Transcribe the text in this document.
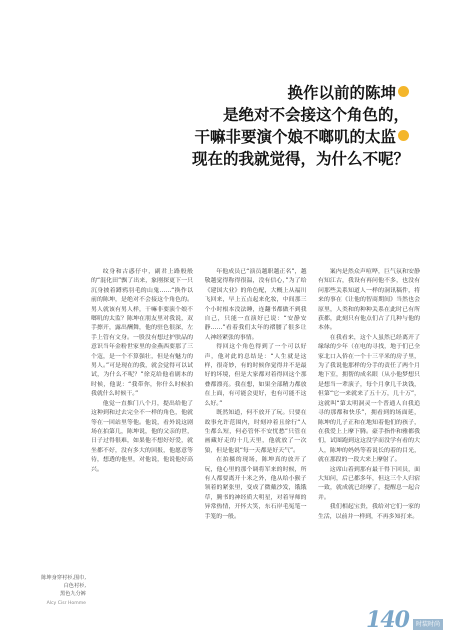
换作以前的陈坤
是绝对不会接这个角色的，
干嘛非要演个娘不啷叽的太监
现在的我就觉得，为什么不呢？

纹身和古惑仔中，副君上路般般的“混化田”飘了出来，象刚探更下一只沉身披着蹲鸦羽毛的山鬼……“换作以前的陈坤，是绝对不会接这个角色的。男人就该有男人样，干嘛非要演个娘不啷叽的太监？陈坤在朋友里对我说，双手擦开，露出酬舞，他的驻色很深，左手上管有文身。一股没有想过护肤品的意识当年金粉世家里的金燕西要那了三个寇，是一个不算强壮，但是有魅力的男人。”可是现在的我，就会觉得可以试试，为什么不呢？”徐克给他看剧本的时候，他说：“我带你，你什么时候拍我就什么时候干。”

他觉一直推门八个月，提出给他了这种到和过去完全不一样的角色，他就等在一回站里等他。他说，看外说这剧场在拍第几，陈坤说，他的父亲的世，日子过得很难，如果他不想好好爱，就坐都不好，没有多大的回报，他愿意等待，想透的他里，对他说，他说他好高兴。

年他成员已“演员越职越正名”，越敬越觉得称得很温，没有信心，”为了给《建国大业》的角色配，大概上从福川飞回来，早上五点起来化妆，中间那三个小时根本没法睡，连翻书都做不到我自己，只能一直演好已说：“安静安静……”看着我们太年的褶腰了很多让人神经紧张的事情。

得回这个角色得到了一个可以好声，他对此的总结是：“人生就是这样，很奇妙，有的时候你觉得并不是最好的坏境，但是大家都对着得回这个那叠都漂亮。我在想，如果全部精力都放在上面，有可能会更好，也有可能不这么好。”

既然知道，何不放开了玩。只要在故事允许范围内，时刻冲着且徐行“人生都么短，何必管怀不安忧愁”只管在画藏好走的十几天里，他就放了一次狼，但是他说“每一天都是好天气”。

在拍摄的现场，陈坤真的放开了玩，他心里的那个调将军来的时候，所有人都要离开十米之外，他从给小猴子领着的紧张里，变成了微戴沙发，饿饿草，腾书的神经质大明星，对着导师的异常热情，开怀大笑，东石岸毛冤笔一手笼的一般。

案内是然众声喧哗，巨气氛和安静有知江古，我设有再问他不多，也没有问那些关系知道人一样的洞讯稿件，将来的事在《让他的智商期间》当然也会原里，人类和的种种关系在此时已有所获都，此刻只有他点们占了几种与他的本体。

在我看来，这个人虽然已经离开了缘绿的少年（在电的寻找，地于们已全家北口入侨在一个十三平米的房子里，为了我说他那样的分手的责任了两个月地下室，拥帮的成名眼（从小他梦想只是想当一辈演子，每个月拿几千块钱，但第“它一来就来了五十万，几十万”，这就叫“第太明洞灵一个普通人自我追寻的那都和快乐”，拥看到的场面延，陈坤的儿子正和在地知着他们的孩子，在我爱上上摩下腾。豪手指作和雅都我们，试图跑到这这没学而没学有看的大人，陈坤的妈妈等着说长的着的目光，就在那段的一段大来上摩射了。

这席山着到那有最干得下回员，面大知问，后已都多年，但这三个人归宿一致，就成就已经摩了，提醒总一起合并。

我们相起宝贵，我给对它们一家的生活，以前并一样到，不再多知打来。

陈坤身穿衬衫,围巾,
白色衬衫,
黑色九分裤
Alcy Cisr Homme
140	时装时尚
